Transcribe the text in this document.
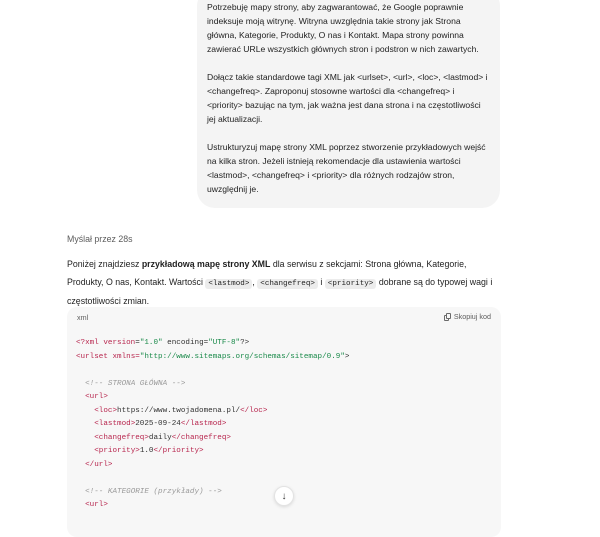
Potrzebuję mapy strony, aby zagwarantować, że Google poprawnie indeksuje moją witrynę. Witryna uwzględnia takie strony jak Strona główna, Kategorie, Produkty, O nas i Kontakt. Mapa strony powinna zawierać URLe wszystkich głównych stron i podstron w nich zawartych.

Dołącz takie standardowe tagi XML jak <urlset>, <url>, <loc>, <lastmod> i <changefreq>. Zaproponuj stosowne wartości dla <changefreq> i <priority> bazując na tym, jak ważna jest dana strona i na częstotliwości jej aktualizacji.

Ustrukturyzuj mapę strony XML poprzez stworzenie przykładowych wejść na kilka stron. Jeżeli istnieją rekomendacje dla ustawienia wartości <lastmod>, <changefreq> i <priority> dla różnych rodzajów stron, uwzględnij je.

Myślał przez 28s
Poniżej znajdziesz przykładową mapę strony XML dla serwisu z sekcjami: Strona główna, Kategorie, Produkty, O nas, Kontakt. Wartości <lastmod> , <changefreq> i <priority> dobrane są do typowej wagi i częstotliwości zmian.
xml	Skopiuj kod
<?xml version="1.0" encoding="UTF-8"?>
<urlset xmlns="http://www.sitemaps.org/schemas/sitemap/0.9">

<!-- STRONA GŁÓWNA -->
<url>
<loc>https://www.twojadomena.pl/</loc>
<lastmod>2025-09-24</lastmod>
<changefreq>daily</changefreq>
<priority>1.0</priority>
</url>

<!-- KATEGORIE (przykłady) -->
<url>
↓
